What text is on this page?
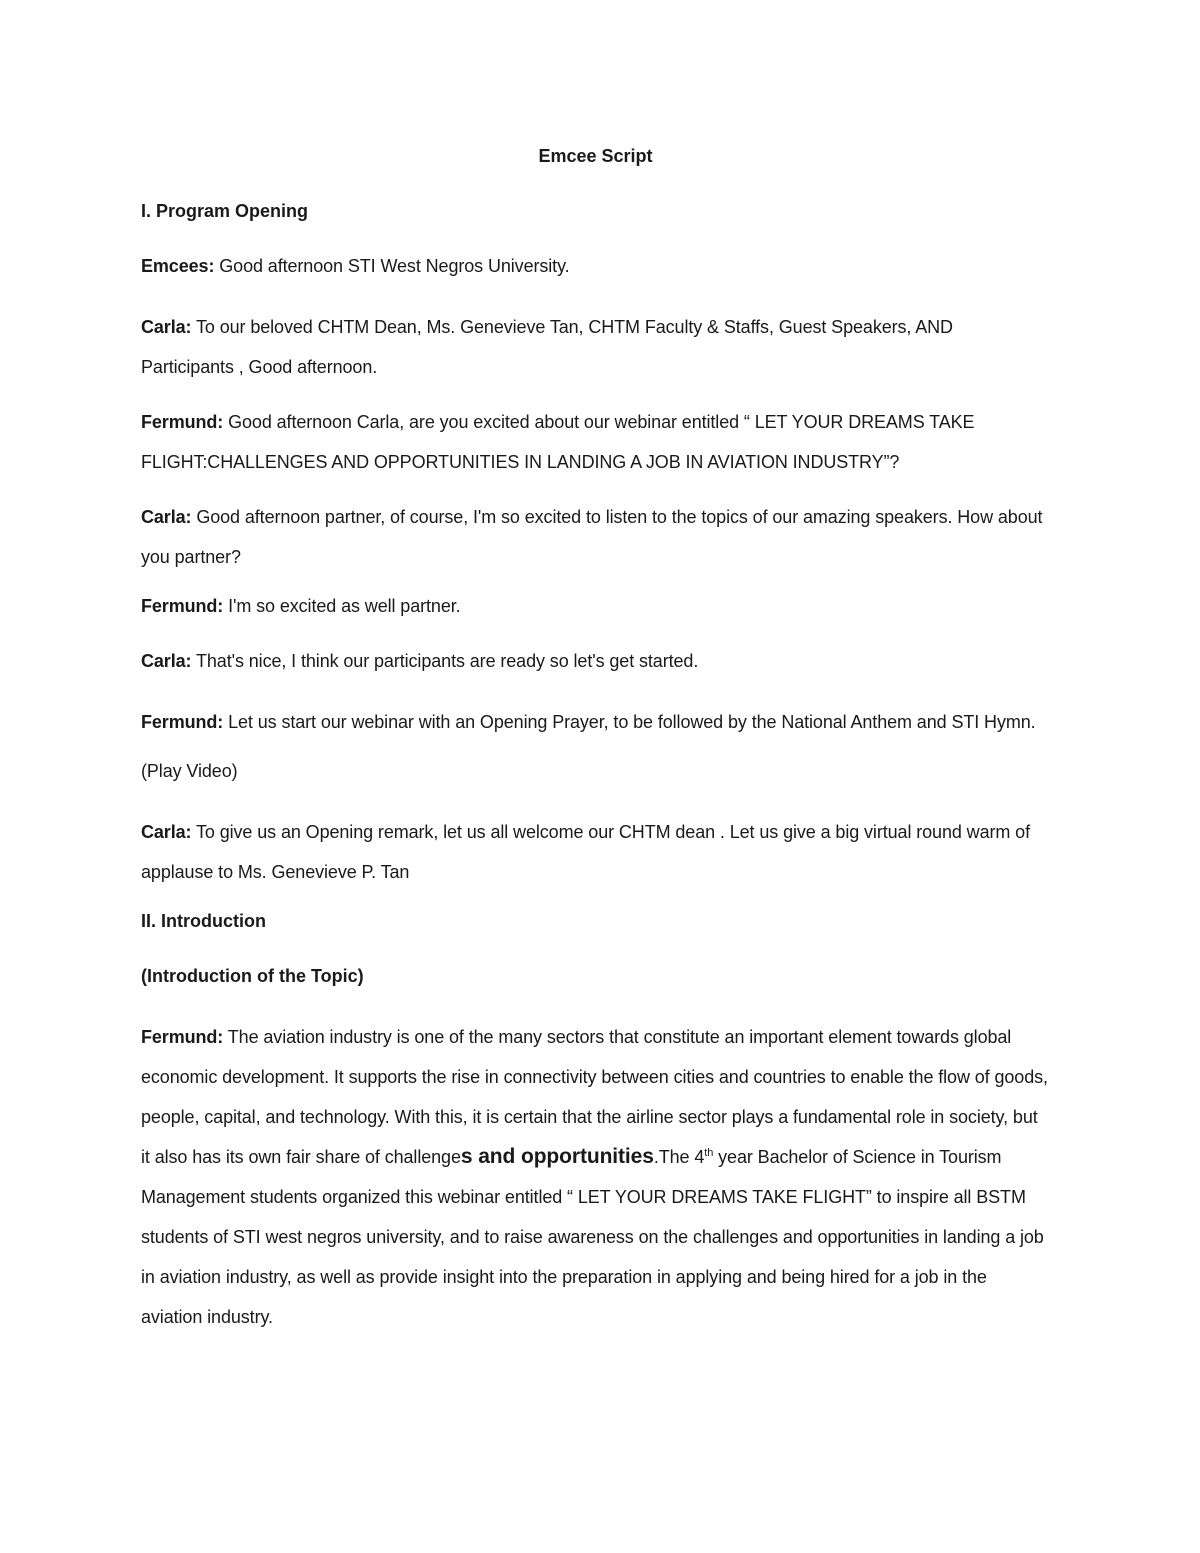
Emcee Script
I. Program Opening
Emcees: Good afternoon STI West Negros University.
Carla: To our beloved CHTM Dean, Ms. Genevieve Tan, CHTM Faculty & Staffs, Guest Speakers, AND Participants , Good afternoon.
Fermund: Good afternoon Carla, are you excited about our webinar entitled “ LET YOUR DREAMS TAKE FLIGHT:CHALLENGES AND OPPORTUNITIES IN LANDING A JOB IN AVIATION INDUSTRY”?
Carla: Good afternoon partner, of course, I'm so excited to listen to the topics of our amazing speakers. How about you partner?
Fermund: I'm so excited as well partner.
Carla: That's nice, I think our participants are ready so let's get started.
Fermund: Let us start our webinar with an Opening Prayer, to be followed by the National Anthem and STI Hymn.
(Play Video)
Carla: To give us an Opening remark, let us all welcome our CHTM dean . Let us give a big virtual round warm of applause to Ms. Genevieve P. Tan
II. Introduction
(Introduction of the Topic)
Fermund: The aviation industry is one of the many sectors that constitute an important element towards global economic development. It supports the rise in connectivity between cities and countries to enable the flow of goods, people, capital, and technology. With this, it is certain that the airline sector plays a fundamental role in society, but it also has its own fair share of challenges and opportunities.The 4th year Bachelor of Science in Tourism Management students organized this webinar entitled “ LET YOUR DREAMS TAKE FLIGHT” to inspire all BSTM students of STI west negros university, and to raise awareness on the challenges and opportunities in landing a job in aviation industry, as well as provide insight into the preparation in applying and being hired for a job in the aviation industry.
